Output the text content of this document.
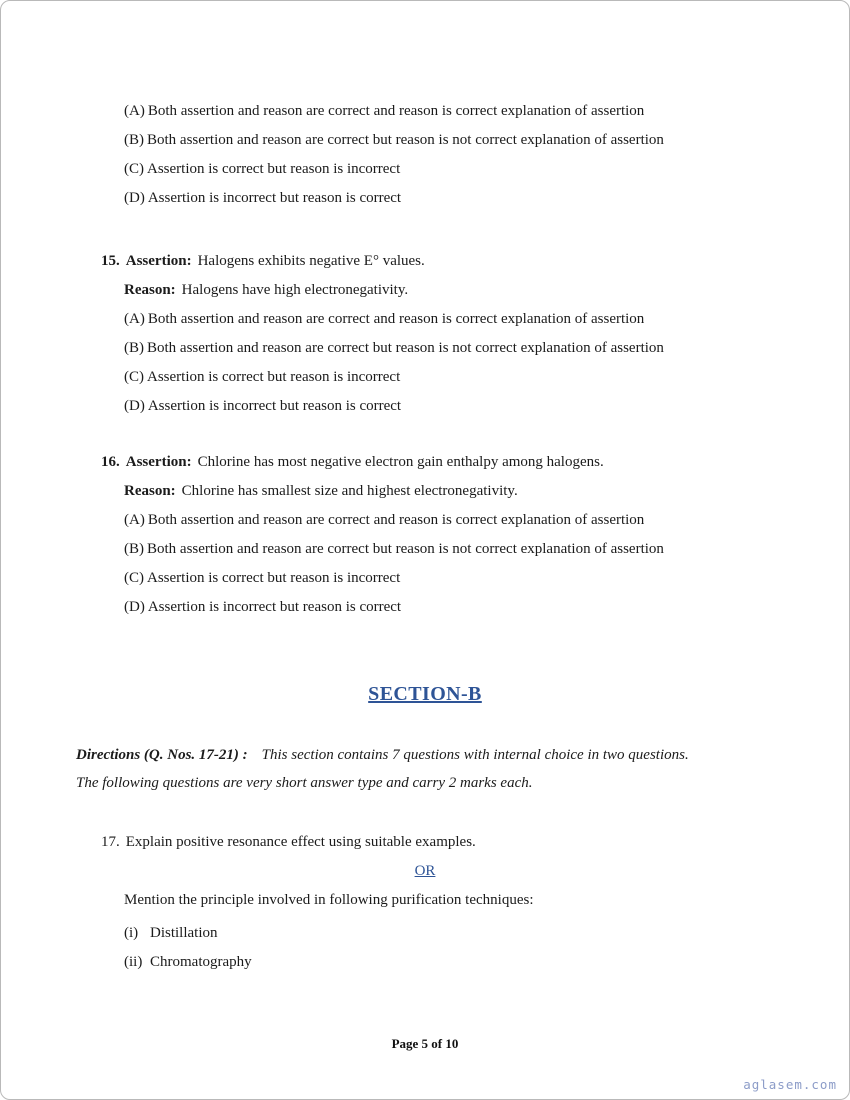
(A) Both assertion and reason are correct and reason is correct explanation of assertion
(B) Both assertion and reason are correct but reason is not correct explanation of assertion
(C) Assertion is correct but reason is incorrect
(D) Assertion is incorrect but reason is correct
15. Assertion: Halogens exhibits negative E° values.
Reason: Halogens have high electronegativity.
(A) Both assertion and reason are correct and reason is correct explanation of assertion
(B) Both assertion and reason are correct but reason is not correct explanation of assertion
(C) Assertion is correct but reason is incorrect
(D) Assertion is incorrect but reason is correct
16. Assertion: Chlorine has most negative electron gain enthalpy among halogens.
Reason: Chlorine has smallest size and highest electronegativity.
(A) Both assertion and reason are correct and reason is correct explanation of assertion
(B) Both assertion and reason are correct but reason is not correct explanation of assertion
(C) Assertion is correct but reason is incorrect
(D) Assertion is incorrect but reason is correct
SECTION-B
Directions (Q. Nos. 17-21) : This section contains 7 questions with internal choice in two questions.
The following questions are very short answer type and carry 2 marks each.
17. Explain positive resonance effect using suitable examples.
OR
Mention the principle involved in following purification techniques:
(i) Distillation
(ii) Chromatography
Page 5 of 10
aglasem.com
